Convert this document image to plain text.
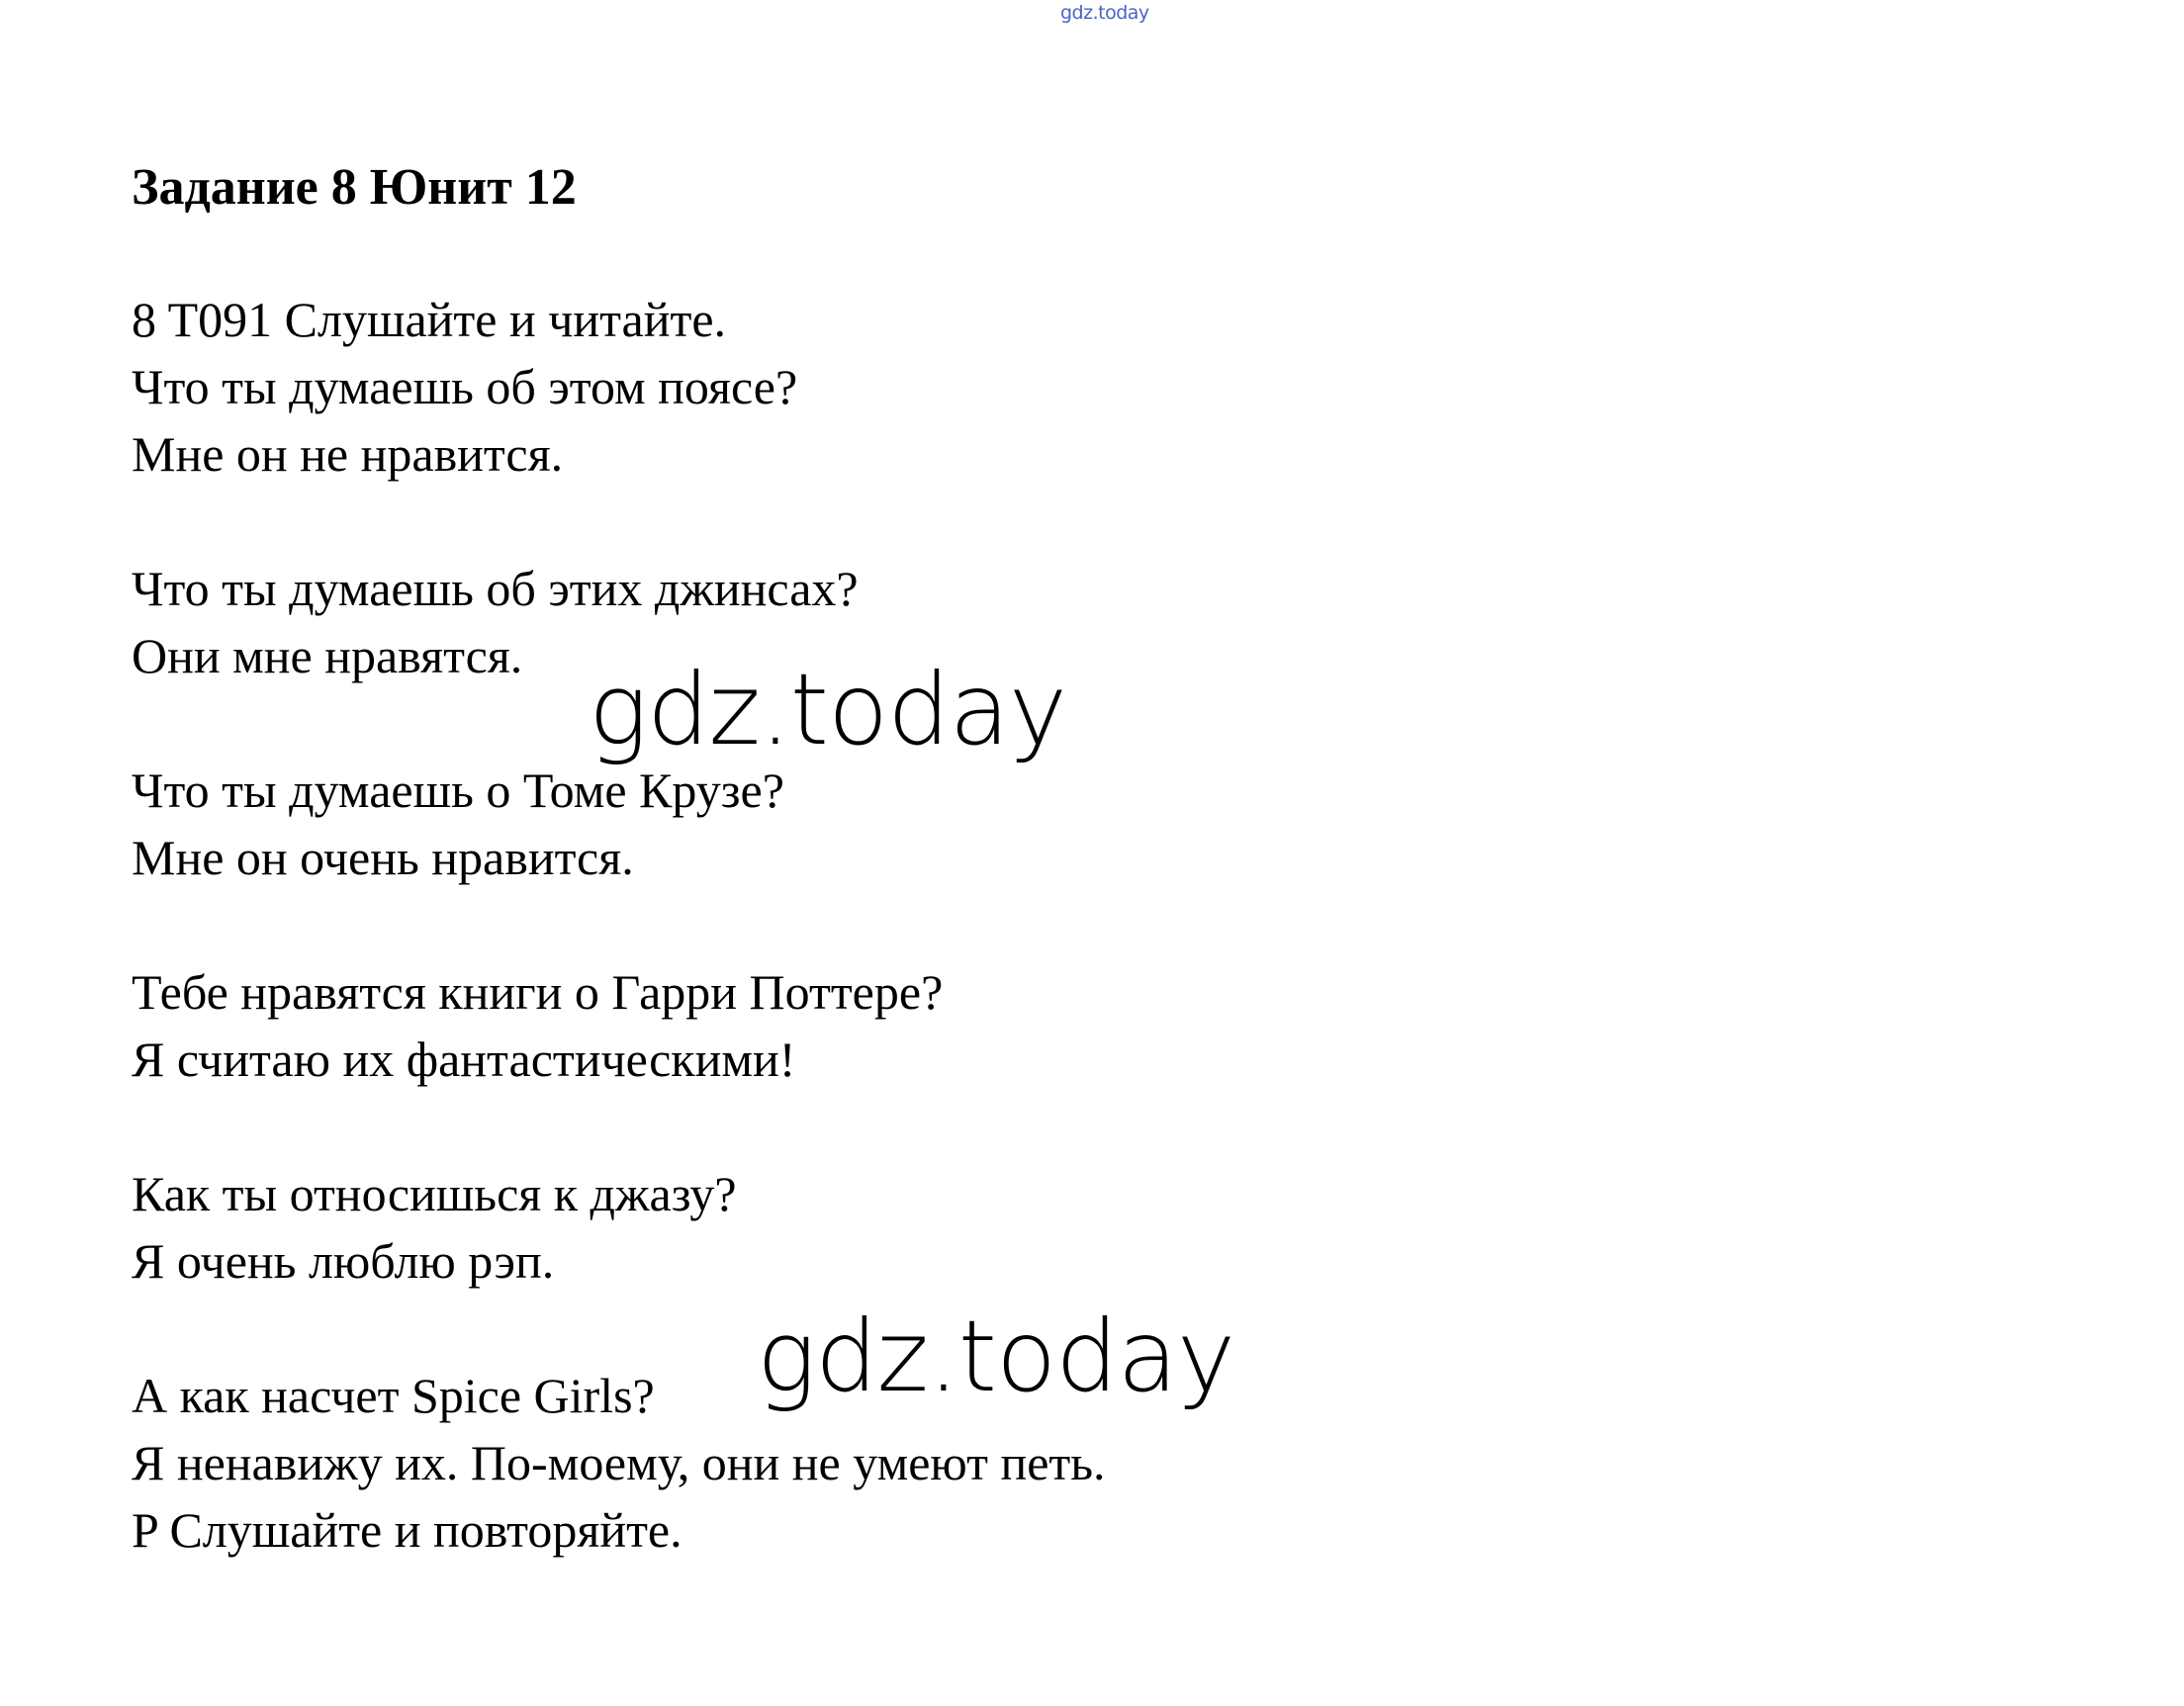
gdz.today
Задание 8 Юнит 12
8 T091 Слушайте и читайте.
Что ты думаешь об этом поясе?
Мне он не нравится.
Что ты думаешь об этих джинсах?
Они мне нравятся.
Что ты думаешь о Томе Крузе?
Мне он очень нравится.
Тебе нравятся книги о Гарри Поттере?
Я считаю их фантастическими!
Как ты относишься к джазу?
Я очень люблю рэп.
А как насчет Spice Girls?
Я ненавижу их. По-моему, они не умеют петь.
P Слушайте и повторяйте.
gdz.today
gdz.today
